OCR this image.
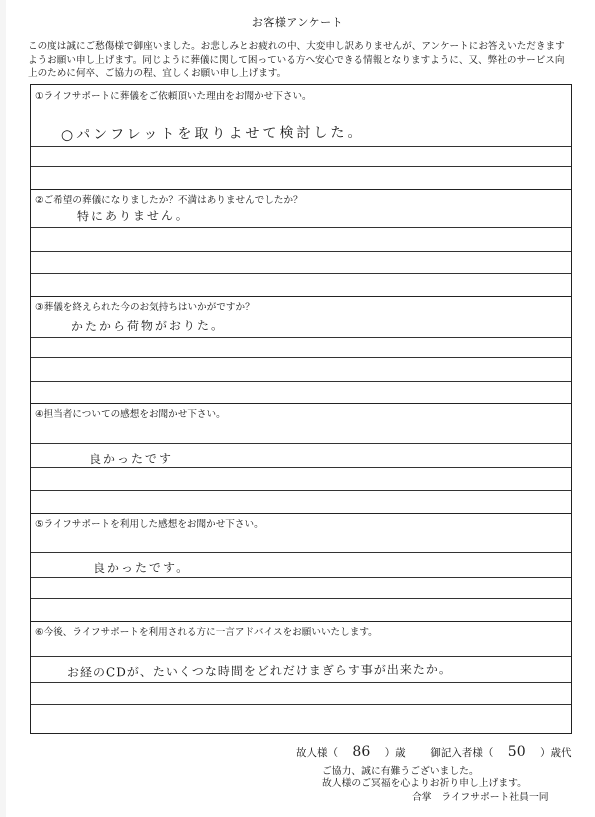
お客様アンケート
この度は誠にご愁傷様で御座いました。お悲しみとお疲れの中、大変申し訳ありませんが、アンケートにお答えいただきますようお願い申し上げます。同じように葬儀に関して困っている方へ安心できる情報となりますように、又、弊社のサービス向上のために何卒、ご協力の程、宜しくお願い申し上げます。
①ライフサポートに葬儀をご依頼頂いた理由をお聞かせ下さい。
○パンフレットを取りよせて検討した。
②ご希望の葬儀になりましたか？不満はありませんでしたか？
特にありません。
③葬儀を終えられた今のお気持ちはいかがですか？
かたから荷物がおりた。
④担当者についての感想をお聞かせ下さい。
良かったです
⑤ライフサポートを利用した感想をお聞かせ下さい。
良かったです。
⑥今後、ライフサポートを利用される方に一言アドバイスをお願いいたします。
お経のCDが、たいくつな時間をどれだけまぎらす事が出来たか。
故人様（ 86 ）歳 御記入者様（ 50 ）歳代
ご協力、誠に有難うございました。
故人様のご冥福を心よりお祈り申し上げます。
合掌　ライフサポート社員一同
